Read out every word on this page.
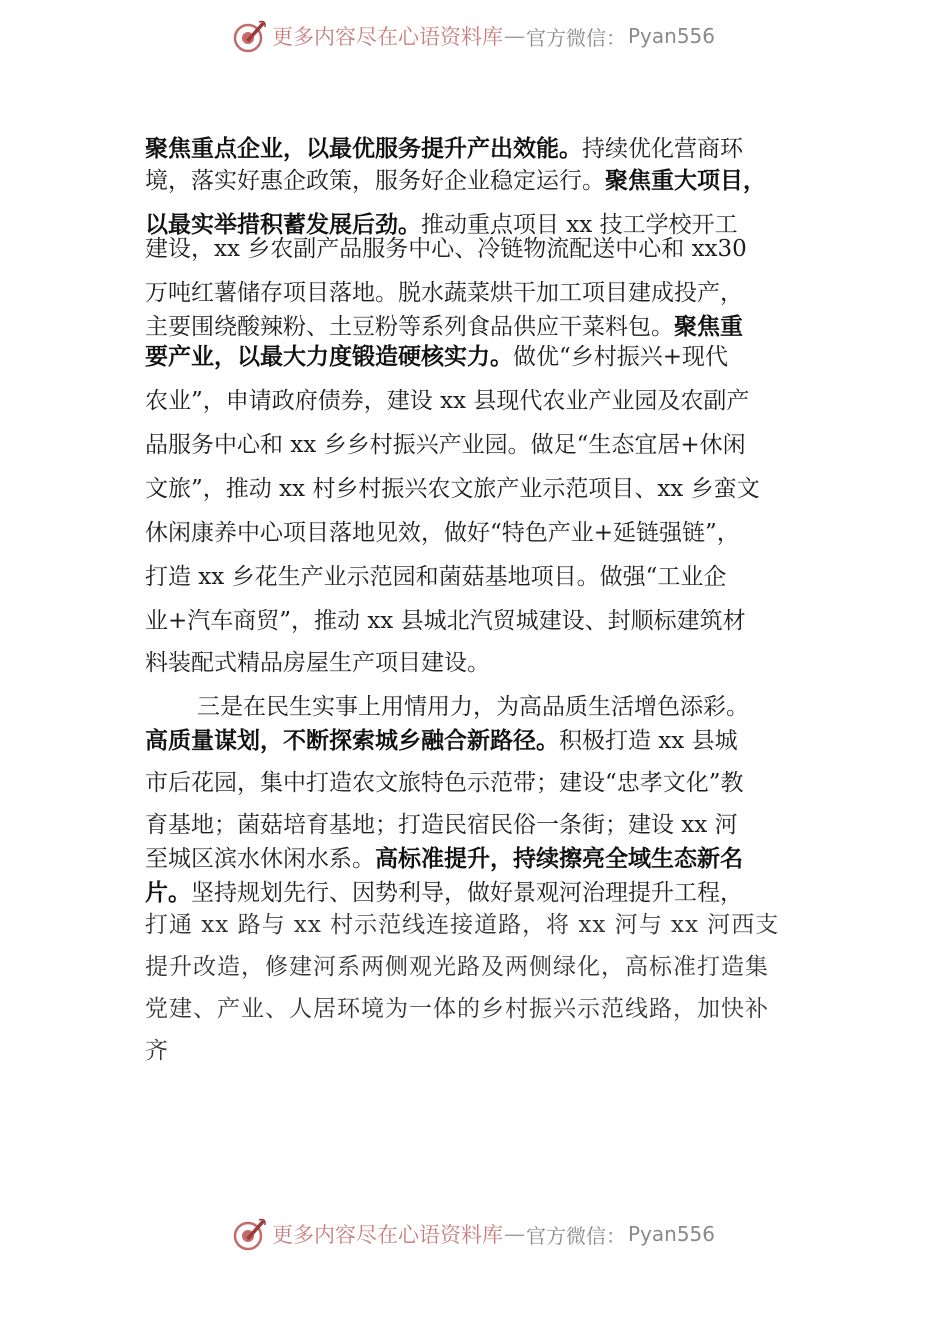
更多内容尽在心语资料库 — 官方微信： Pyan556
聚焦重点企业，以最优服务提升产出效能。持续优化营商环
境，落实好惠企政策，服务好企业稳定运行。聚焦重大项目，
以最实举措积蓄发展后劲。推动重点项目 xx 技工学校开工
建设，xx 乡农副产品服务中心、冷链物流配送中心和 xx30
万吨红薯储存项目落地。脱水蔬菜烘干加工项目建成投产，
主要围绕酸辣粉、土豆粉等系列食品供应干菜料包。聚焦重
要产业，以最大力度锻造硬核实力。做优“乡村振兴+现代
农业”，申请政府债券，建设 xx 县现代农业产业园及农副产
品服务中心和 xx 乡乡村振兴产业园。做足“生态宜居+休闲
文旅”，推动 xx 村乡村振兴农文旅产业示范项目、xx 乡蛮文
休闲康养中心项目落地见效，做好“特色产业+延链强链”，
打造 xx 乡花生产业示范园和菌菇基地项目。做强“工业企
业+汽车商贸”，推动 xx 县城北汽贸城建设、封顺标建筑材
料装配式精品房屋生产项目建设。
三是在民生实事上用情用力，为高品质生活增色添彩。
高质量谋划，不断探索城乡融合新路径。积极打造 xx 县城
市后花园，集中打造农文旅特色示范带；建设“忠孝文化”教
育基地；菌菇培育基地；打造民宿民俗一条街；建设 xx 河
至城区滨水休闲水系。高标准提升，持续擦亮全域生态新名
片。坚持规划先行、因势利导，做好景观河治理提升工程，
打通 xx 路与 xx 村示范线连接道路，将 xx 河与 xx 河西支
提升改造，修建河系两侧观光路及两侧绿化，高标准打造集
党建、产业、人居环境为一体的乡村振兴示范线路，加快补
齐
更多内容尽在心语资料库 — 官方微信： Pyan556
